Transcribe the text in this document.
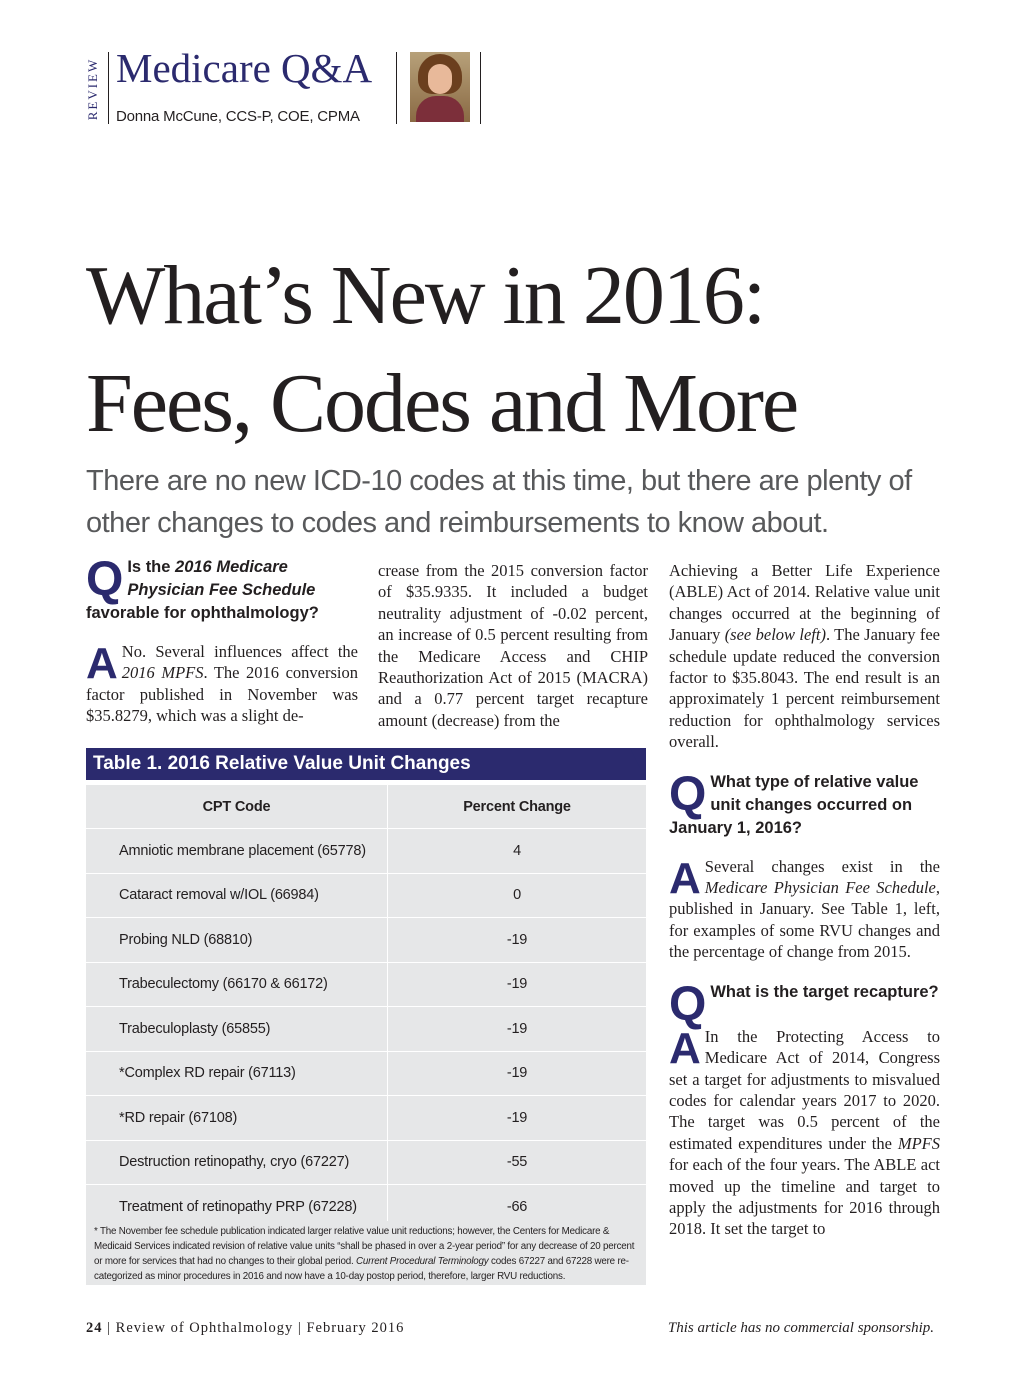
REVIEW Medicare Q&A
Donna McCune, CCS-P, COE, CPMA
What’s New in 2016:
Fees, Codes and More
There are no new ICD-10 codes at this time, but there are plenty of other changes to codes and reimbursements to know about.
Q Is the 2016 Medicare Physician Fee Schedule favorable for ophthalmology?

A No. Several influences affect the 2016 MPFS. The 2016 conversion factor published in November was $35.8279, which was a slight de-

crease from the 2015 conversion factor of $35.9335. It included a budget neutrality adjustment of -0.02 percent, an increase of 0.5 percent resulting from the Medicare Access and CHIP Reauthorization Act of 2015 (MACRA) and a 0.77 percent target recapture amount (decrease) from the

Achieving a Better Life Experience (ABLE) Act of 2014. Relative value unit changes occurred at the beginning of January (see below left). The January fee schedule update reduced the conversion factor to $35.8043. The end result is an approximately 1 percent reimbursement reduction for ophthalmology services overall.

Q What type of relative value unit changes occurred on January 1, 2016?

A Several changes exist in the Medicare Physician Fee Schedule, published in January. See Table 1, left, for examples of some RVU changes and the percentage of change from 2015.

Q What is the target recapture?

A In the Protecting Access to Medicare Act of 2014, Congress set a target for adjustments to misvalued codes for calendar years 2017 to 2020. The target was 0.5 percent of the estimated expenditures under the MPFS for each of the four years. The ABLE act moved up the timeline and target to apply the adjustments for 2016 through 2018. It set the target to

Table 1. 2016 Relative Value Unit Changes
CPT Code	Percent Change
Amniotic membrane placement (65778)	4
Cataract removal w/IOL (66984)	0
Probing NLD (68810)	-19
Trabeculectomy (66170 & 66172)	-19
Trabeculoplasty (65855)	-19
*Complex RD repair (67113)	-19
*RD repair (67108)	-19
Destruction retinopathy, cryo (67227)	-55
Treatment of retinopathy PRP (67228)	-66
* The November fee schedule publication indicated larger relative value unit reductions; however, the Centers for Medicare & Medicaid Services indicated revision of relative value units “shall be phased in over a 2-year period” for any decrease of 20 percent or more for services that had no changes to their global period. Current Procedural Terminology codes 67227 and 67228 were re-categorized as minor procedures in 2016 and now have a 10-day postop period, therefore, larger RVU reductions.
24 | Review of Ophthalmology | February 2016	This article has no commercial sponsorship.
